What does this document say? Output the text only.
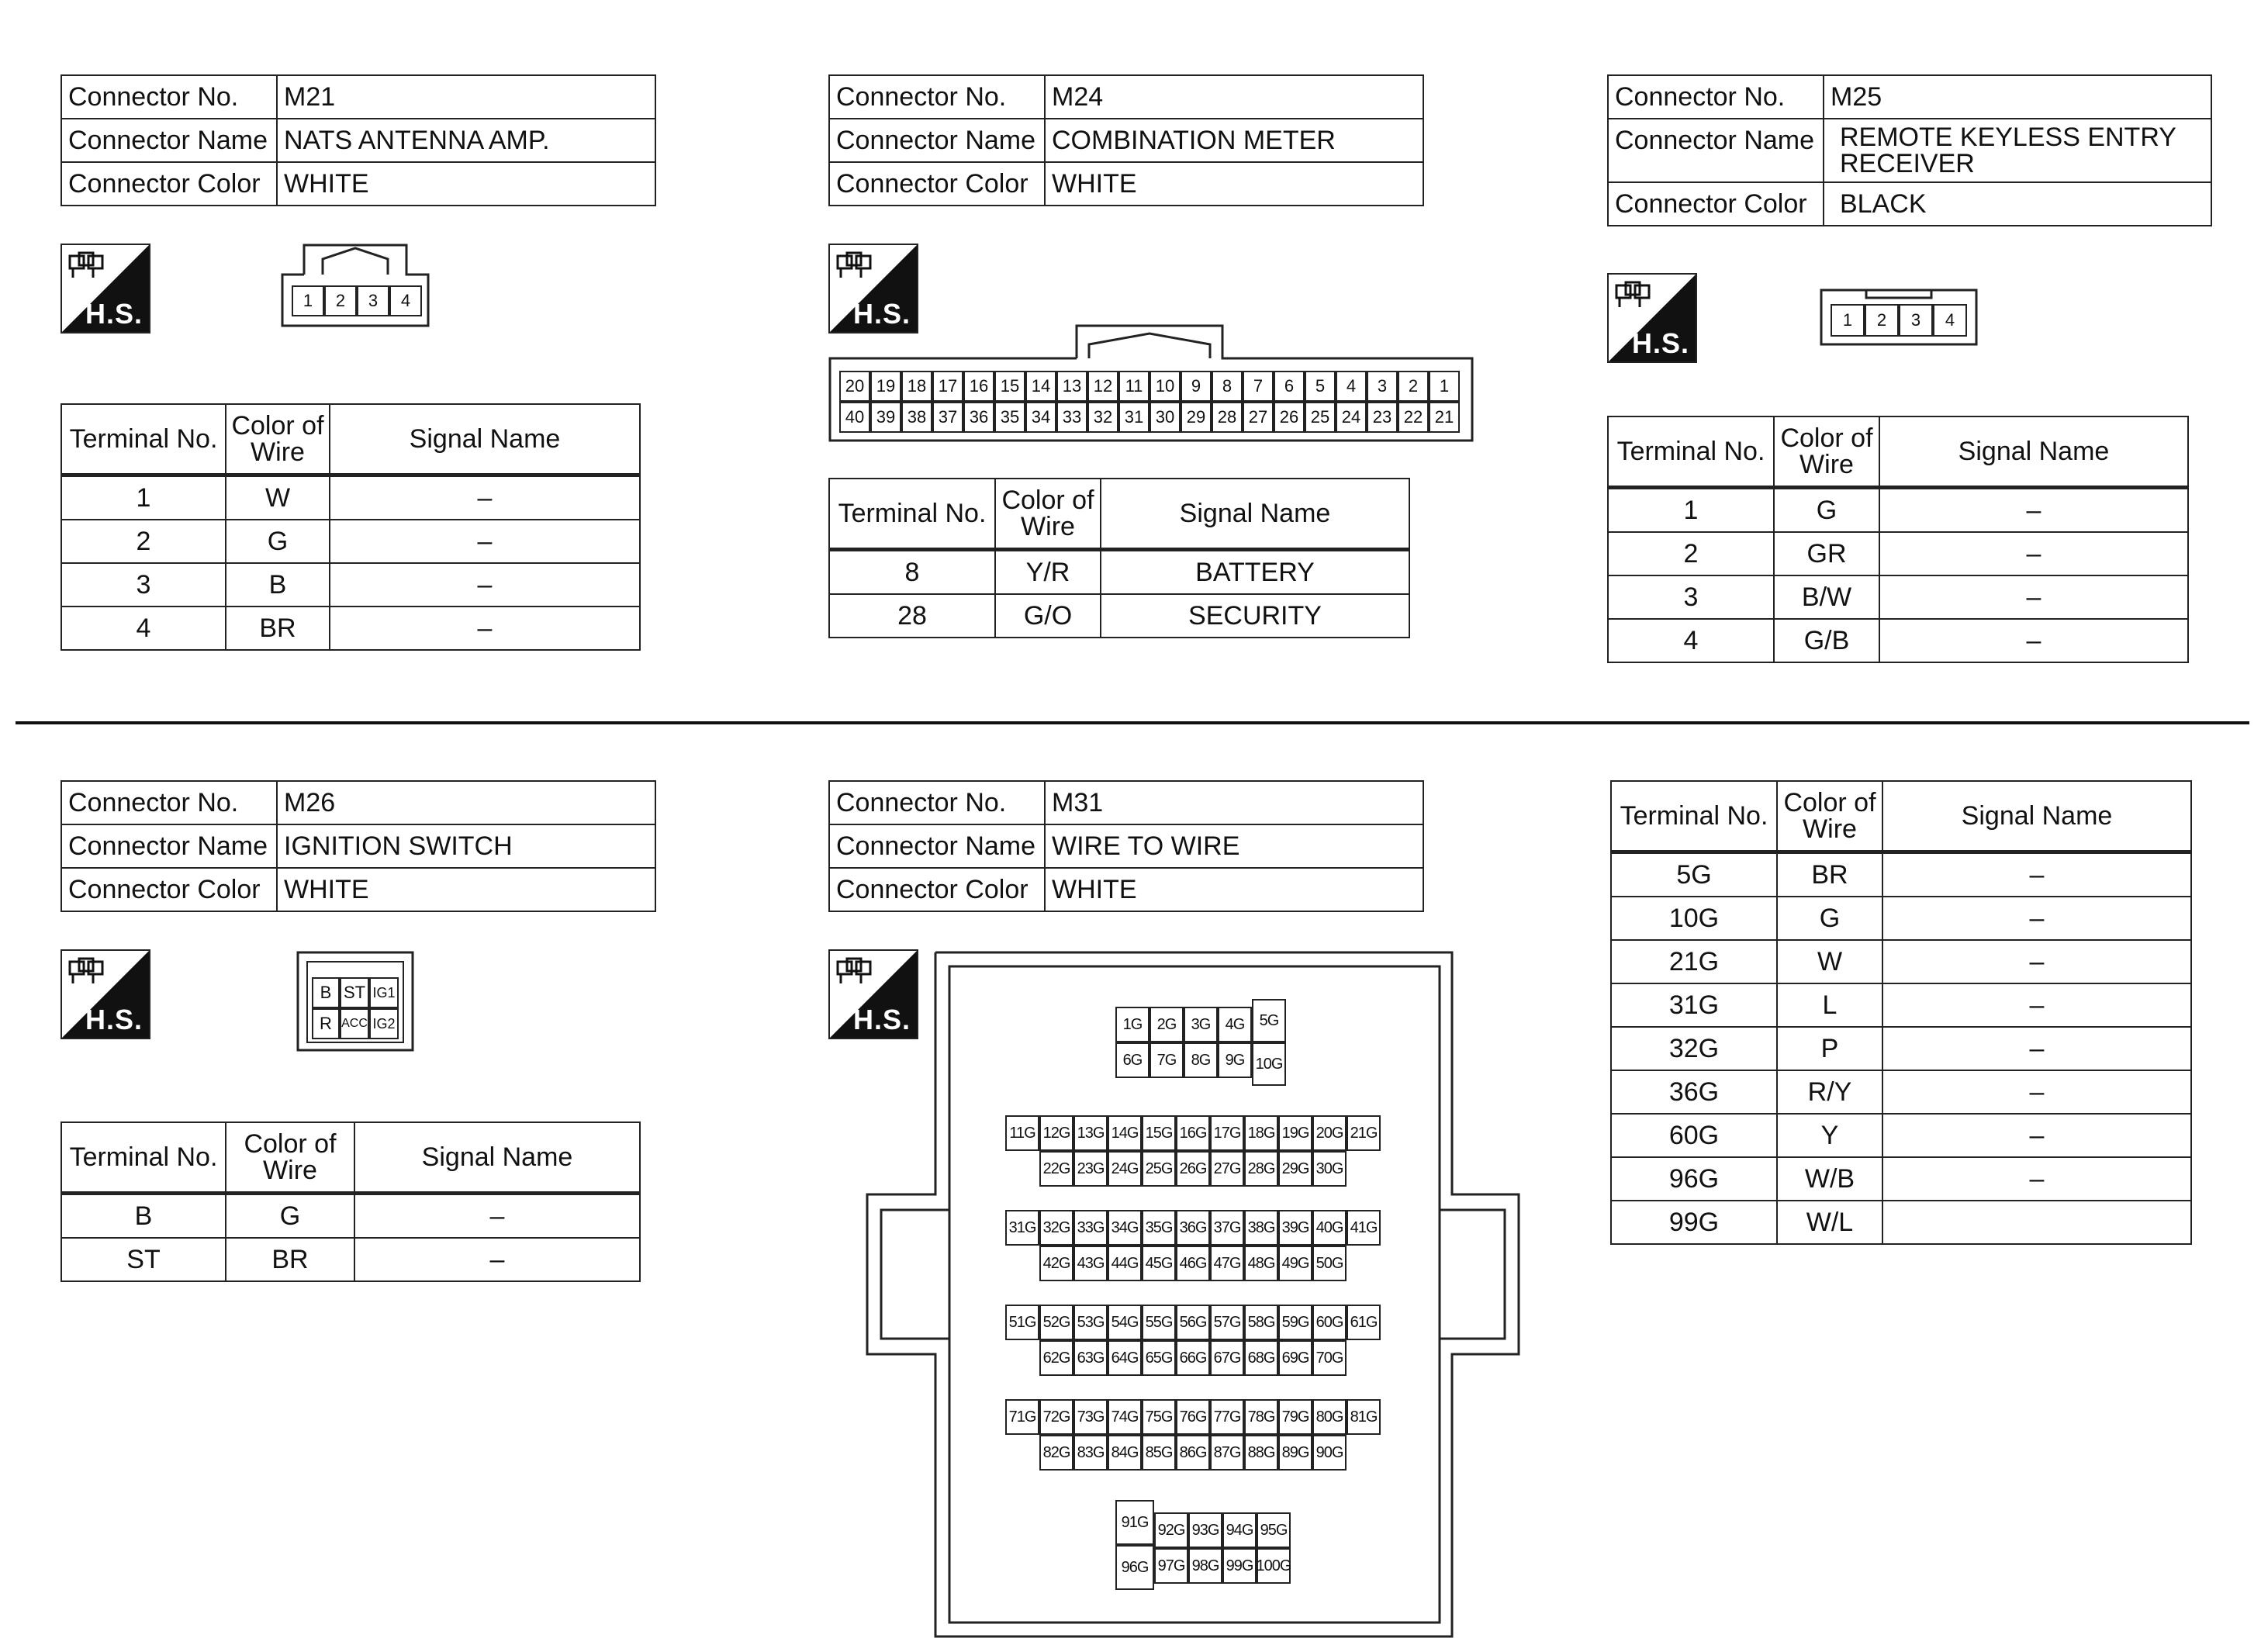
Connector No.	M21
Connector Name	NATS ANTENNA AMP.
Connector Color	WHITE
H.S.	1	2	3	4
Terminal No.	Color of Wire	Signal Name
1	W	–
2	G	–
3	B	–
4	BR	–
Connector No.	M24
Connector Name	COMBINATION METER
Connector Color	WHITE
H.S.
20 19 18 17 16 15 14 13 12 11 10 9	8	7	6	5	4	3	2	1
40 39 38 37 36 35 34 33 32 31 30 29 28 27 26 25 24 23 22 21
Terminal No.	Color of Wire	Signal Name
8	Y/R	BATTERY
28	G/O	SECURITY
Connector No.	M25
Connector Name	REMOTE KEYLESS ENTRY RECEIVER
Connector Color	BLACK
H.S.
1	2	3	4
Terminal No.	Color of Wire	Signal Name
1	G	–
2	GR	–
3	B/W	–
4	G/B	–
Connector No.	M26
Connector Name	IGNITION SWITCH
Connector Color	WHITE
H.S.
B ST IG1
R ACC IG2
Terminal No.	Color of Wire	Signal Name
B	G	–
ST	BR	–
Connector No.	M31
Connector Name	WIRE TO WIRE
Connector Color	WHITE
H.S.	1G
6G
2G
7G
3G
8G
4G
9G
5G
10G
11G 12G 13G 14G 15G 16G 17G 18G 19G 20G 21G
22G 23G 24G 25G 26G 27G 28G 29G 30G
31G 32G 33G 34G 35G 36G 37G 38G 39G 40G 41G
42G 43G 44G 45G 46G 47G 48G 49G 50G
51G 52G 53G 54G 55G 56G 57G 58G 59G 60G 61G
62G 63G 64G 65G 66G 67G 68G 69G 70G
71G 72G 73G 74G 75G 76G 77G 78G 79G 80G 81G
82G 83G 84G 85G 86G 87G 88G 89G 90G
91G
96G
92G
97G
93G
98G
94G
99G
95G
100G
Terminal No.	Color of Wire	Signal Name
5G	BR	–
10G	G	–
21G	W	–
31G	L	–
32G	P	–
36G	R/Y	–
60G	Y	–
96G	W/B	–
99G	W/L	
